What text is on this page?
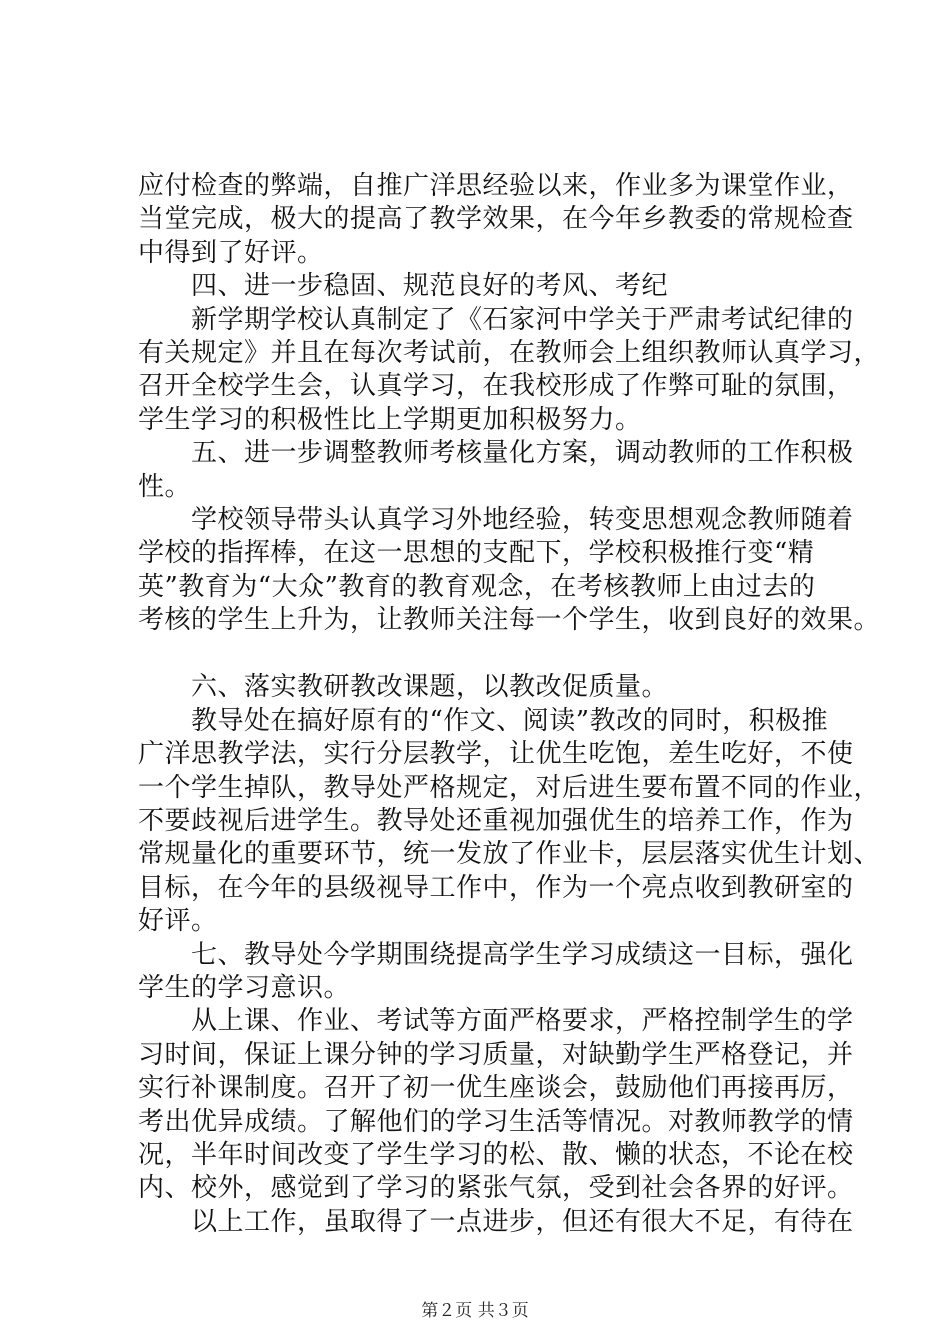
应付检查的弊端，自推广洋思经验以来，作业多为课堂作业，
当堂完成，极大的提高了教学效果，在今年乡教委的常规检查
中得到了好评。
　　四、进一步稳固、规范良好的考风、考纪
　　新学期学校认真制定了《石家河中学关于严肃考试纪律的
有关规定》并且在每次考试前，在教师会上组织教师认真学习，
召开全校学生会，认真学习，在我校形成了作弊可耻的氛围，
学生学习的积极性比上学期更加积极努力。
　　五、进一步调整教师考核量化方案，调动教师的工作积极
性。
　　学校领导带头认真学习外地经验，转变思想观念教师随着
学校的指挥棒，在这一思想的支配下，学校积极推行变“精
英”教育为“大众”教育的教育观念，在考核教师上由过去的
考核的学生上升为，让教师关注每一个学生，收到良好的效果。
　　六、落实教研教改课题，以教改促质量。
　　教导处在搞好原有的“作文、阅读”教改的同时，积极推
广洋思教学法，实行分层教学，让优生吃饱，差生吃好，不使
一个学生掉队，教导处严格规定，对后进生要布置不同的作业，
不要歧视后进学生。教导处还重视加强优生的培养工作，作为
常规量化的重要环节，统一发放了作业卡，层层落实优生计划、
目标，在今年的县级视导工作中，作为一个亮点收到教研室的
好评。
　　七、教导处今学期围绕提高学生学习成绩这一目标，强化
学生的学习意识。
　　从上课、作业、考试等方面严格要求，严格控制学生的学
习时间，保证上课分钟的学习质量，对缺勤学生严格登记，并
实行补课制度。召开了初一优生座谈会，鼓励他们再接再厉，
考出优异成绩。了解他们的学习生活等情况。对教师教学的情
况，半年时间改变了学生学习的松、散、懒的状态，不论在校
内、校外，感觉到了学习的紧张气氛，受到社会各界的好评。
　　以上工作，虽取得了一点进步，但还有很大不足，有待在
第２页 共３页
